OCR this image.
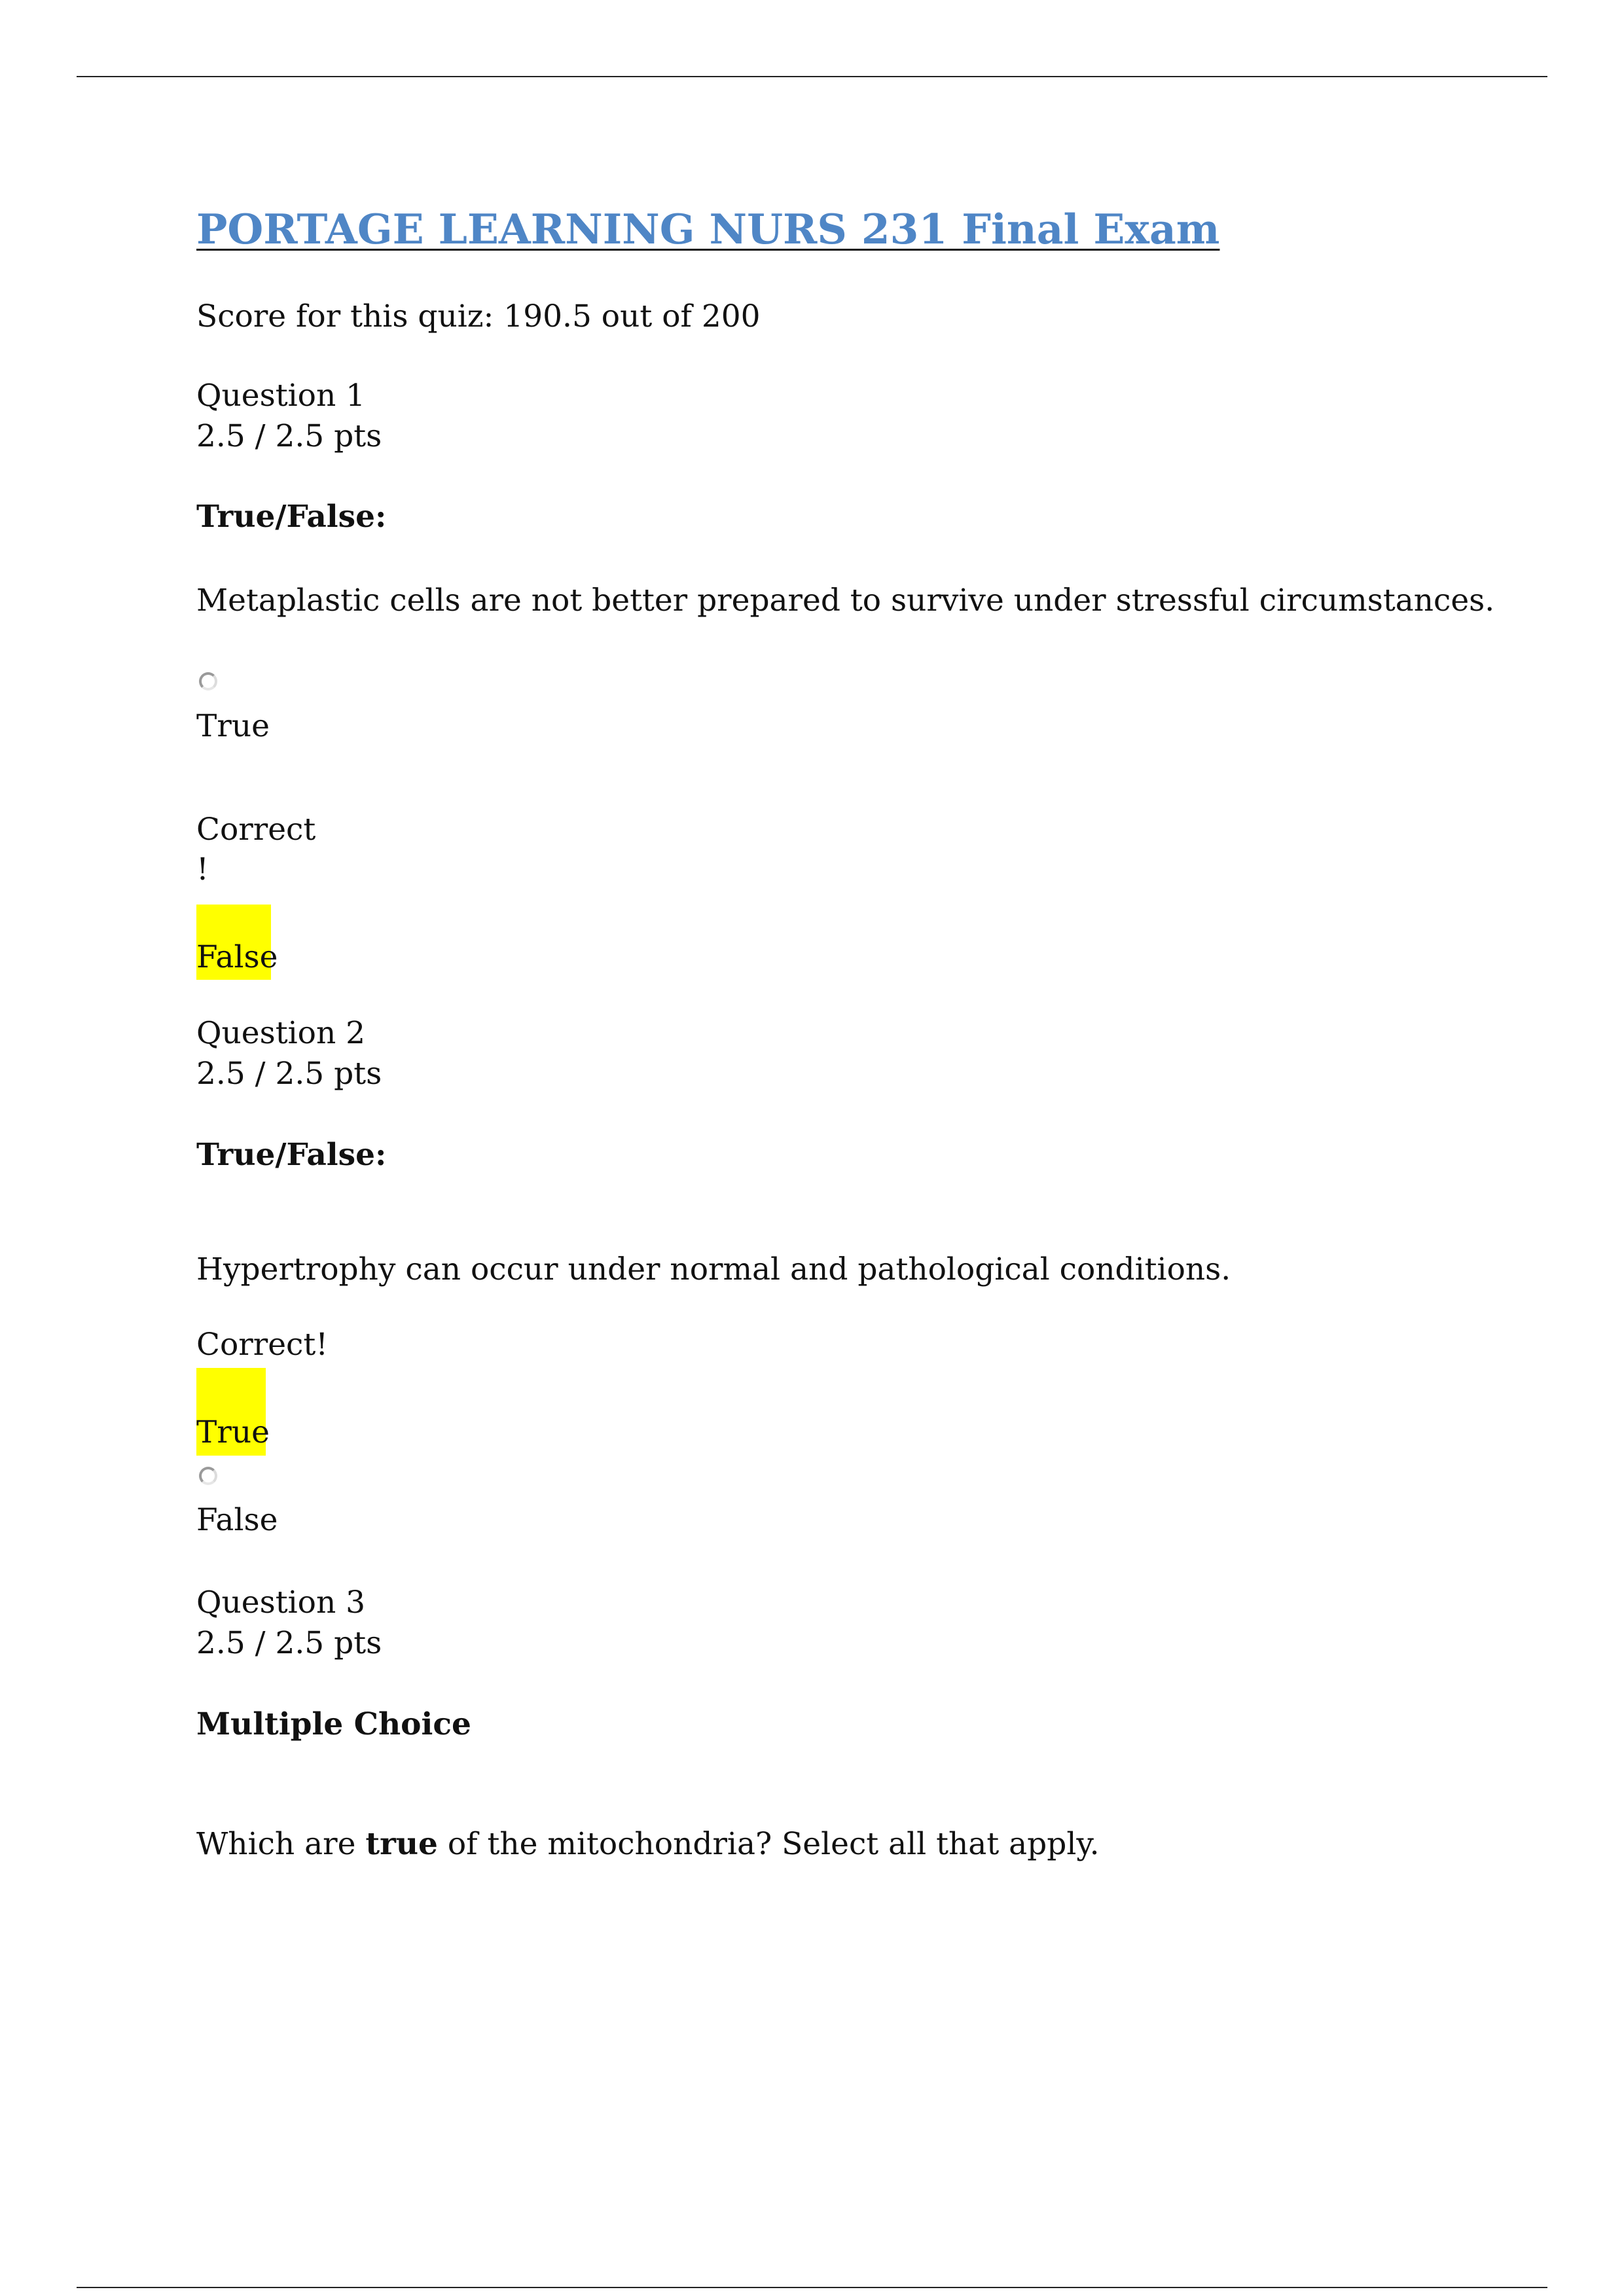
PORTAGE LEARNING NURS 231 Final Exam
Score for this quiz: 190.5 out of 200
Question 1
2.5 / 2.5 pts
True/False:
Metaplastic cells are not better prepared to survive under stressful circumstances.
True
Correct
!
False
Question 2
2.5 / 2.5 pts
True/False:
Hypertrophy can occur under normal and pathological conditions.
Correct!
True
False
Question 3
2.5 / 2.5 pts
Multiple Choice
Which are true of the mitochondria? Select all that apply.
